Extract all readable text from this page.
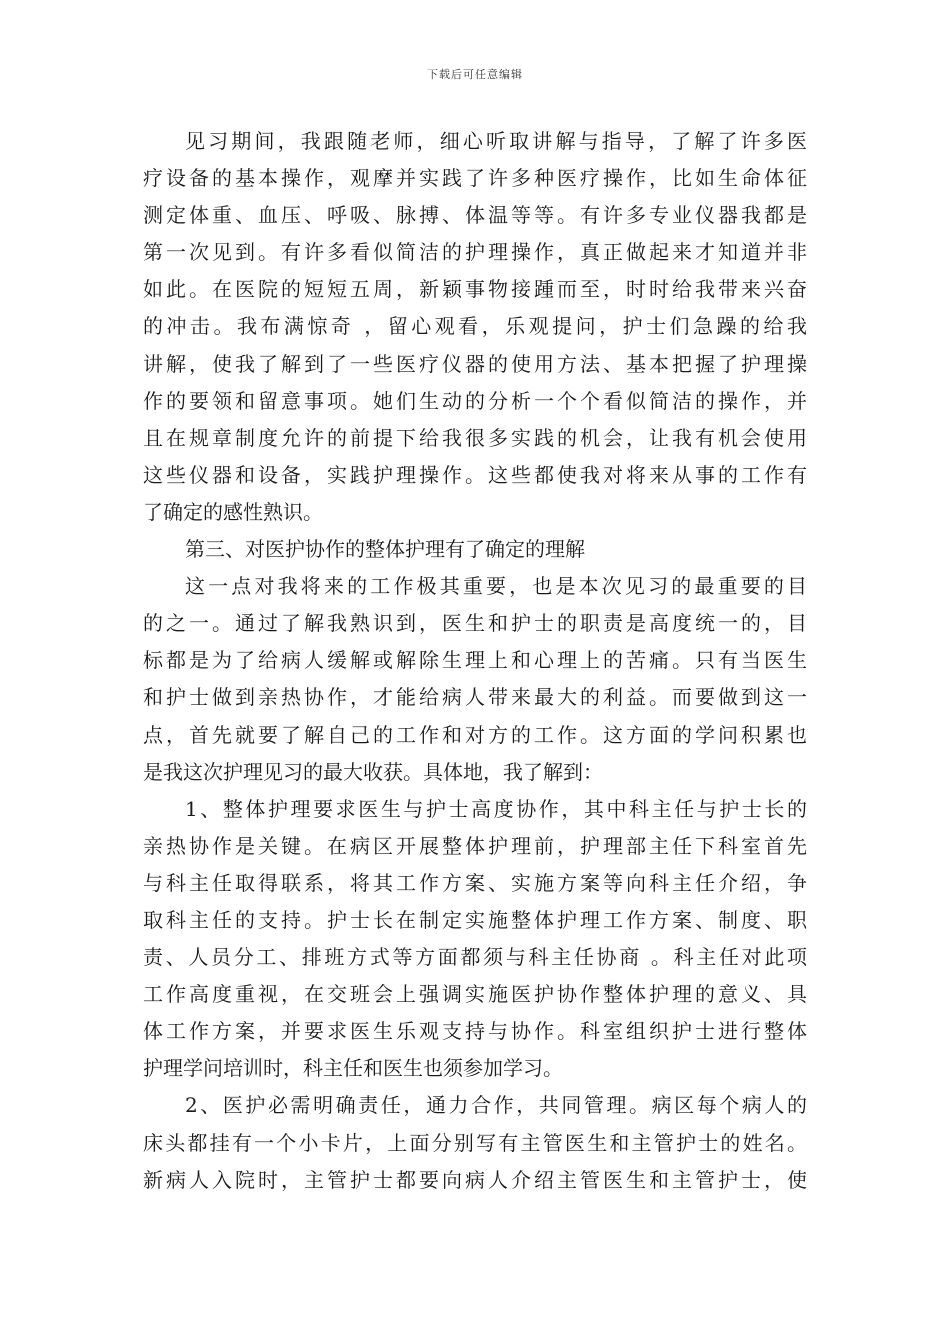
下载后可任意编辑
见习期间，我跟随老师，细心听取讲解与指导，了解了许多医
疗设备的基本操作，观摩并实践了许多种医疗操作，比如生命体征
测定体重、血压、呼吸、脉搏、体温等等。有许多专业仪器我都是
第一次见到。有许多看似简洁的护理操作，真正做起来才知道并非
如此。在医院的短短五周，新颖事物接踵而至，时时给我带来兴奋
的冲击。我布满惊奇 ，留心观看，乐观提问，护士们急躁的给我
讲解，使我了解到了一些医疗仪器的使用方法、基本把握了护理操
作的要领和留意事项。她们生动的分析一个个看似简洁的操作，并
且在规章制度允许的前提下给我很多实践的机会，让我有机会使用
这些仪器和设备，实践护理操作。这些都使我对将来从事的工作有
了确定的感性熟识。
第三、对医护协作的整体护理有了确定的理解
这一点对我将来的工作极其重要，也是本次见习的最重要的目
的之一。通过了解我熟识到，医生和护士的职责是高度统一的，目
标都是为了给病人缓解或解除生理上和心理上的苦痛。只有当医生
和护士做到亲热协作，才能给病人带来最大的利益。而要做到这一
点，首先就要了解自己的工作和对方的工作。这方面的学问积累也
是我这次护理见习的最大收获。具体地，我了解到：
1、整体护理要求医生与护士高度协作，其中科主任与护士长的
亲热协作是关键。在病区开展整体护理前，护理部主任下科室首先
与科主任取得联系，将其工作方案、实施方案等向科主任介绍，争
取科主任的支持。护士长在制定实施整体护理工作方案、制度、职
责、人员分工、排班方式等方面都须与科主任协商 。科主任对此项
工作高度重视，在交班会上强调实施医护协作整体护理的意义、具
体工作方案，并要求医生乐观支持与协作。科室组织护士进行整体
护理学问培训时，科主任和医生也须参加学习。
2、医护必需明确责任，通力合作，共同管理。病区每个病人的
床头都挂有一个小卡片，上面分别写有主管医生和主管护士的姓名。
新病人入院时，主管护士都要向病人介绍主管医生和主管护士，使
